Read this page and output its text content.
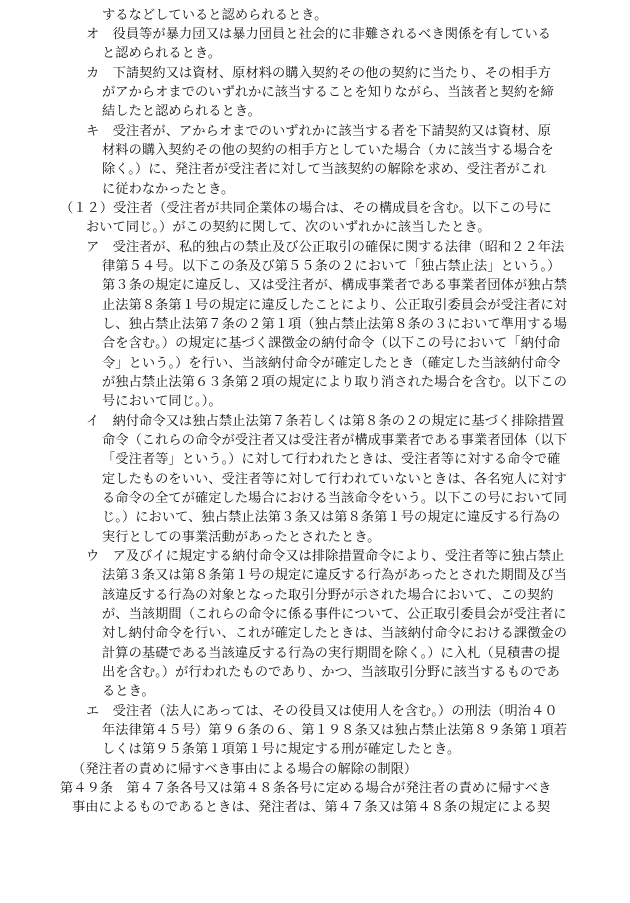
するなどしていると認められるとき。
オ　役員等が暴力団又は暴力団員と社会的に非難されるべき関係を有している
と認められるとき。
カ　下請契約又は資材、原材料の購入契約その他の契約に当たり、その相手方
がアからオまでのいずれかに該当することを知りながら、当該者と契約を締
結したと認められるとき。
キ　受注者が、アからオまでのいずれかに該当する者を下請契約又は資材、原
材料の購入契約その他の契約の相手方としていた場合（カに該当する場合を
除く。）に、発注者が受注者に対して当該契約の解除を求め、受注者がこれ
に従わなかったとき。
（１２）受注者（受注者が共同企業体の場合は、その構成員を含む。以下この号に
おいて同じ。）がこの契約に関して、次のいずれかに該当したとき。
ア　受注者が、私的独占の禁止及び公正取引の確保に関する法律（昭和２２年法
律第５４号。以下この条及び第５５条の２において「独占禁止法」という。）
第３条の規定に違反し、又は受注者が、構成事業者である事業者団体が独占禁
止法第８条第１号の規定に違反したことにより、公正取引委員会が受注者に対
し、独占禁止法第７条の２第１項（独占禁止法第８条の３において準用する場
合を含む。）の規定に基づく課徴金の納付命令（以下この号において「納付命
令」という。）を行い、当該納付命令が確定したとき（確定した当該納付命令
が独占禁止法第６３条第２項の規定により取り消された場合を含む。以下この
号において同じ。）。
イ　納付命令又は独占禁止法第７条若しくは第８条の２の規定に基づく排除措置
命令（これらの命令が受注者又は受注者が構成事業者である事業者団体（以下
「受注者等」という。）に対して行われたときは、受注者等に対する命令で確
定したものをいい、受注者等に対して行われていないときは、各名宛人に対す
る命令の全てが確定した場合における当該命令をいう。以下この号において同
じ。）において、独占禁止法第３条又は第８条第１号の規定に違反する行為の
実行としての事業活動があったとされたとき。
ウ　ア及びイに規定する納付命令又は排除措置命令により、受注者等に独占禁止
法第３条又は第８条第１号の規定に違反する行為があったとされた期間及び当
該違反する行為の対象となった取引分野が示された場合において、この契約
が、当該期間（これらの命令に係る事件について、公正取引委員会が受注者に
対し納付命令を行い、これが確定したときは、当該納付命令における課徴金の
計算の基礎である当該違反する行為の実行期間を除く。）に入札（見積書の提
出を含む。）が行われたものであり、かつ、当該取引分野に該当するものであ
るとき。
エ　受注者（法人にあっては、その役員又は使用人を含む。）の刑法（明治４０
年法律第４５号）第９６条の６、第１９８条又は独占禁止法第８９条第１項若
しくは第９５条第１項第１号に規定する刑が確定したとき。
（発注者の責めに帰すべき事由による場合の解除の制限）
第４９条　第４７条各号又は第４８条各号に定める場合が発注者の責めに帰すべき
事由によるものであるときは、発注者は、第４７条又は第４８条の規定による契
